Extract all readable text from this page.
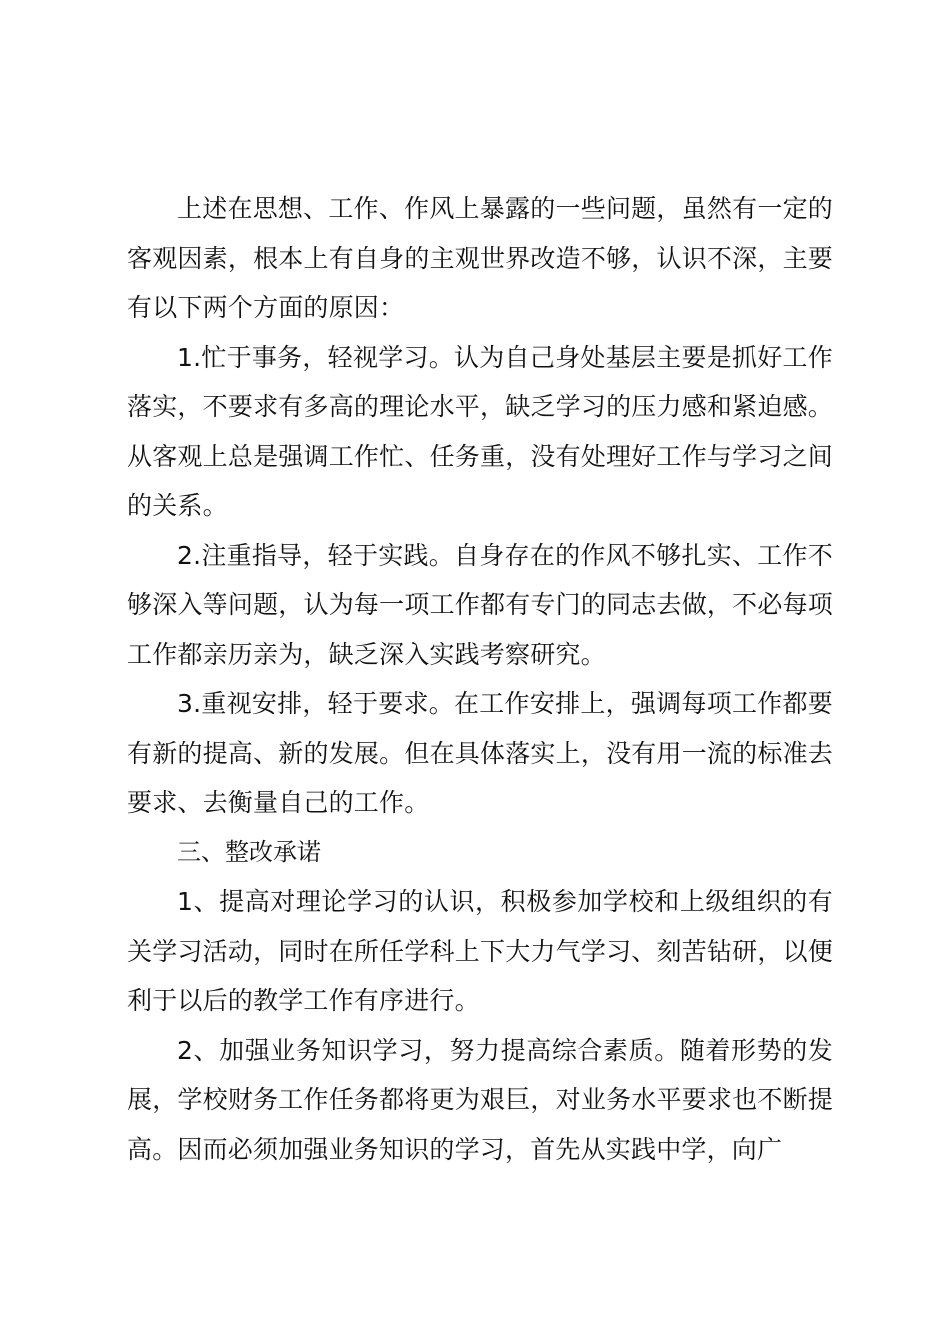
上述在思想、工作、作风上暴露的一些问题，虽然有一定的客观因素，根本上有自身的主观世界改造不够，认识不深，主要有以下两个方面的原因：

1.忙于事务，轻视学习。认为自己身处基层主要是抓好工作落实，不要求有多高的理论水平，缺乏学习的压力感和紧迫感。从客观上总是强调工作忙、任务重，没有处理好工作与学习之间的关系。

2.注重指导，轻于实践。自身存在的作风不够扎实、工作不够深入等问题，认为每一项工作都有专门的同志去做，不必每项工作都亲历亲为，缺乏深入实践考察研究。

3.重视安排，轻于要求。在工作安排上，强调每项工作都要有新的提高、新的发展。但在具体落实上，没有用一流的标准去要求、去衡量自己的工作。

三、整改承诺

1、提高对理论学习的认识，积极参加学校和上级组织的有关学习活动，同时在所任学科上下大力气学习、刻苦钻研，以便利于以后的教学工作有序进行。

2、加强业务知识学习，努力提高综合素质。随着形势的发展，学校财务工作任务都将更为艰巨，对业务水平要求也不断提高。因而必须加强业务知识的学习，首先从实践中学，向广
